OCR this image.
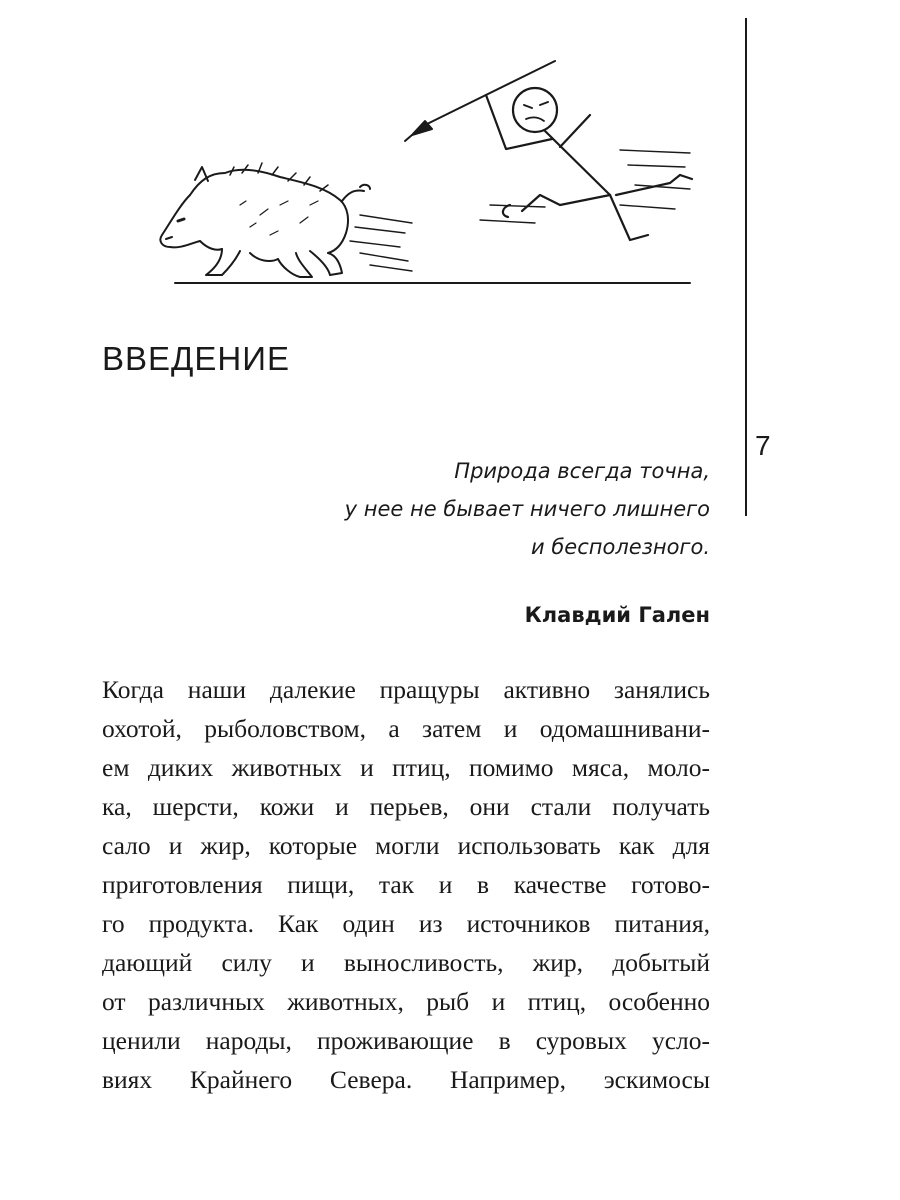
7
ВВЕДЕНИЕ
Природа всегда точна,
у нее не бывает ничего лишнего
и бесполезного.
Клавдий Гален
Когда наши далекие пращуры активно занялись
охотой, рыболовством, а затем и одомашнивани-
ем диких животных и птиц, помимо мяса, моло-
ка, шерсти, кожи и перьев, они стали получать
сало и жир, которые могли использовать как для
приготовления пищи, так и в качестве готово-
го продукта. Как один из источников питания,
дающий силу и выносливость, жир, добытый
от различных животных, рыб и птиц, особенно
ценили народы, проживающие в суровых усло-
виях Крайнего Севера. Например, эскимосы
